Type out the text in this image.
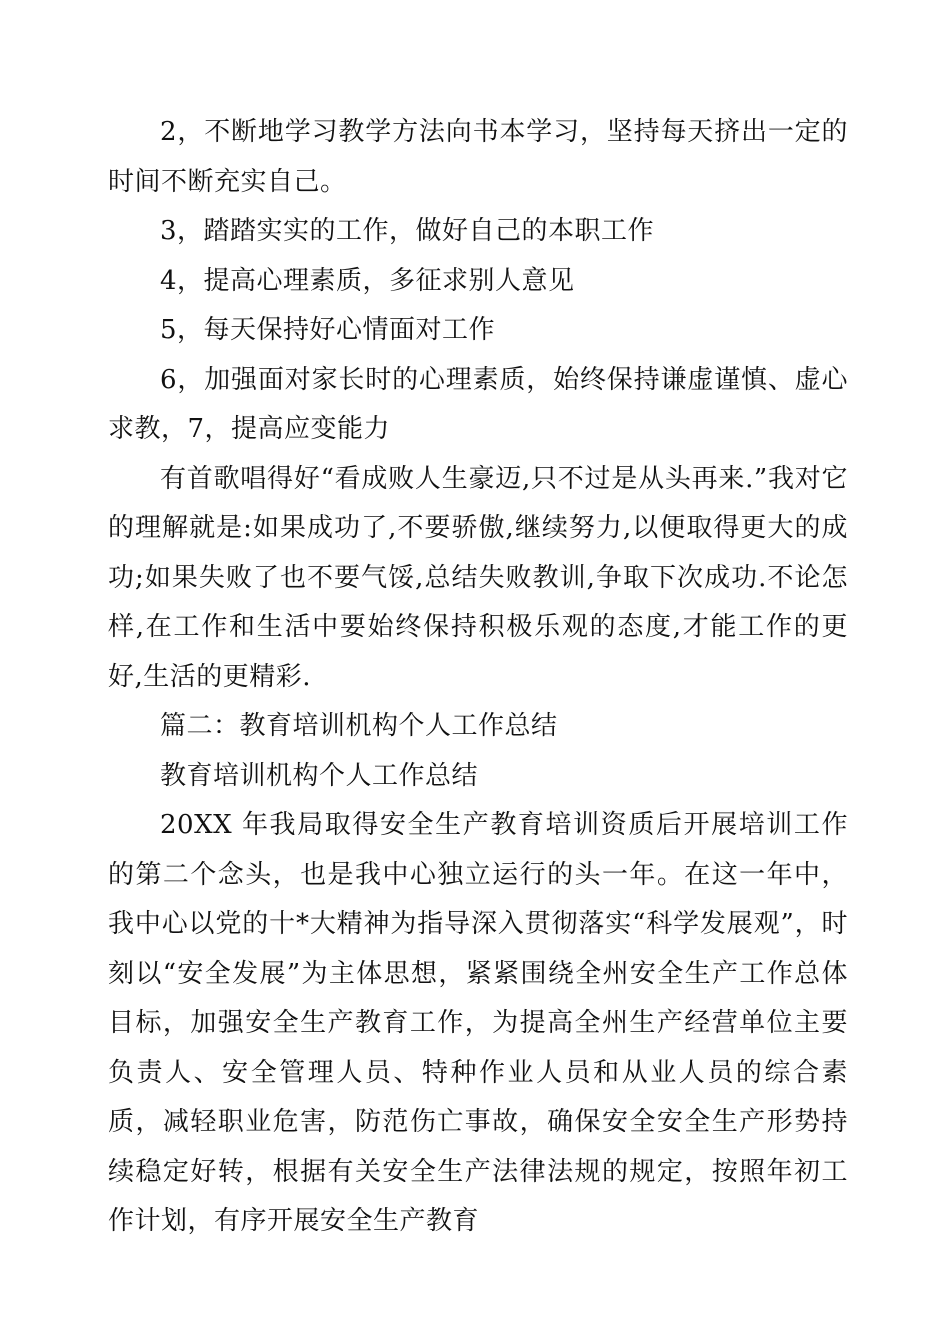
2，不断地学习教学方法向书本学习，坚持每天挤出一定的时间不断充实自己。

3，踏踏实实的工作，做好自己的本职工作

4，提高心理素质，多征求别人意见

5，每天保持好心情面对工作

6，加强面对家长时的心理素质，始终保持谦虚谨慎、虚心求教，7，提高应变能力

有首歌唱得好“看成败人生豪迈,只不过是从头再来.”我对它的理解就是:如果成功了,不要骄傲,继续努力,以便取得更大的成功;如果失败了也不要气馁,总结失败教训,争取下次成功.不论怎样,在工作和生活中要始终保持积极乐观的态度,才能工作的更好,生活的更精彩.

篇二：教育培训机构个人工作总结

教育培训机构个人工作总结

20XX 年我局取得安全生产教育培训资质后开展培训工作的第二个念头，也是我中心独立运行的头一年。在这一年中，我中心以党的十*大精神为指导深入贯彻落实“科学发展观”，时刻以“安全发展”为主体思想，紧紧围绕全州安全生产工作总体目标，加强安全生产教育工作，为提高全州生产经营单位主要负责人、安全管理人员、特种作业人员和从业人员的综合素质，减轻职业危害，防范伤亡事故，确保安全安全生产形势持续稳定好转，根据有关安全生产法律法规的规定，按照年初工作计划，有序开展安全生产教育
